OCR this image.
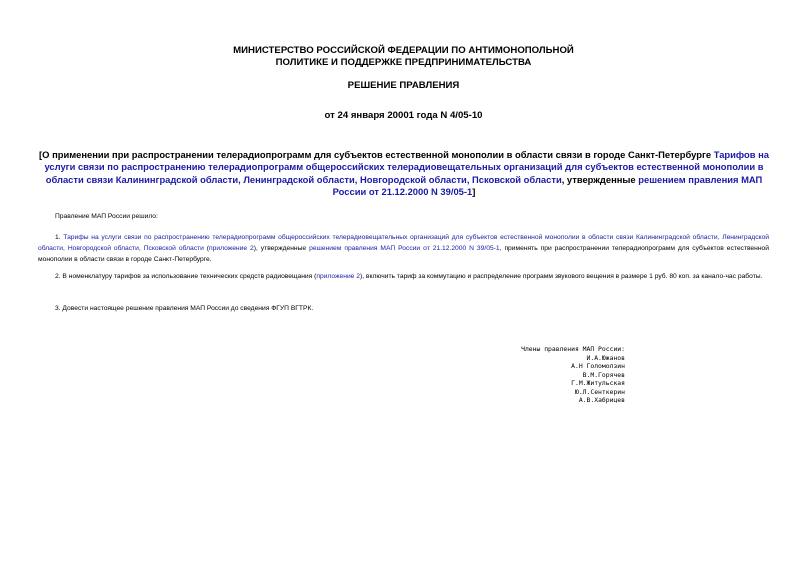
МИНИСТЕРСТВО РОССИЙСКОЙ ФЕДЕРАЦИИ ПО АНТИМОНОПОЛЬНОЙ
ПОЛИТИКЕ И ПОДДЕРЖКЕ ПРЕДПРИНИМАТЕЛЬСТВА
РЕШЕНИЕ ПРАВЛЕНИЯ
от 24 января 20001 года N 4/05-10
[О применении при распространении телерадиопрограмм для субъектов естественной монополии в области связи в городе Санкт-Петербурге Тарифов на услуги связи по распространению телерадиопрограмм общероссийских телерадиовещательных организаций для субъектов естественной монополии в области связи Калининградской области, Ленинградской области, Новгородской области, Псковской области, утвержденные решением правления МАП России от 21.12.2000 N 39/05-1]
Правление МАП России решило:
1. Тарифы на услуги связи по распространению телерадиопрограмм общероссийских телерадиовещательных организаций для субъектов естественной монополии в области связи Калининградской области, Ленинградской области, Новгородской области, Псковской области (приложение 2), утвержденные решением правления МАП России от 21.12.2000 N 39/05-1, применять при распространении телерадиопрограмм для субъектов естественной монополии в области связи в городе Санкт-Петербурге.
2. В номенклатуру тарифов за использование технических средств радиовещания (приложение 2), включить тариф за коммутацию и распределение программ звукового вещения в размере 1 руб. 80 коп. за канало-час работы.
3. Довести настоящее решение правления МАП России до сведения ФГУП ВГТРК.
Члены правления МАП России:
И.А.Южанов
А.Н Голомолзин
В.М.Горячев
Г.М.Житульская
Ю.Л.Сенткерин
А.В.Хабрицев
